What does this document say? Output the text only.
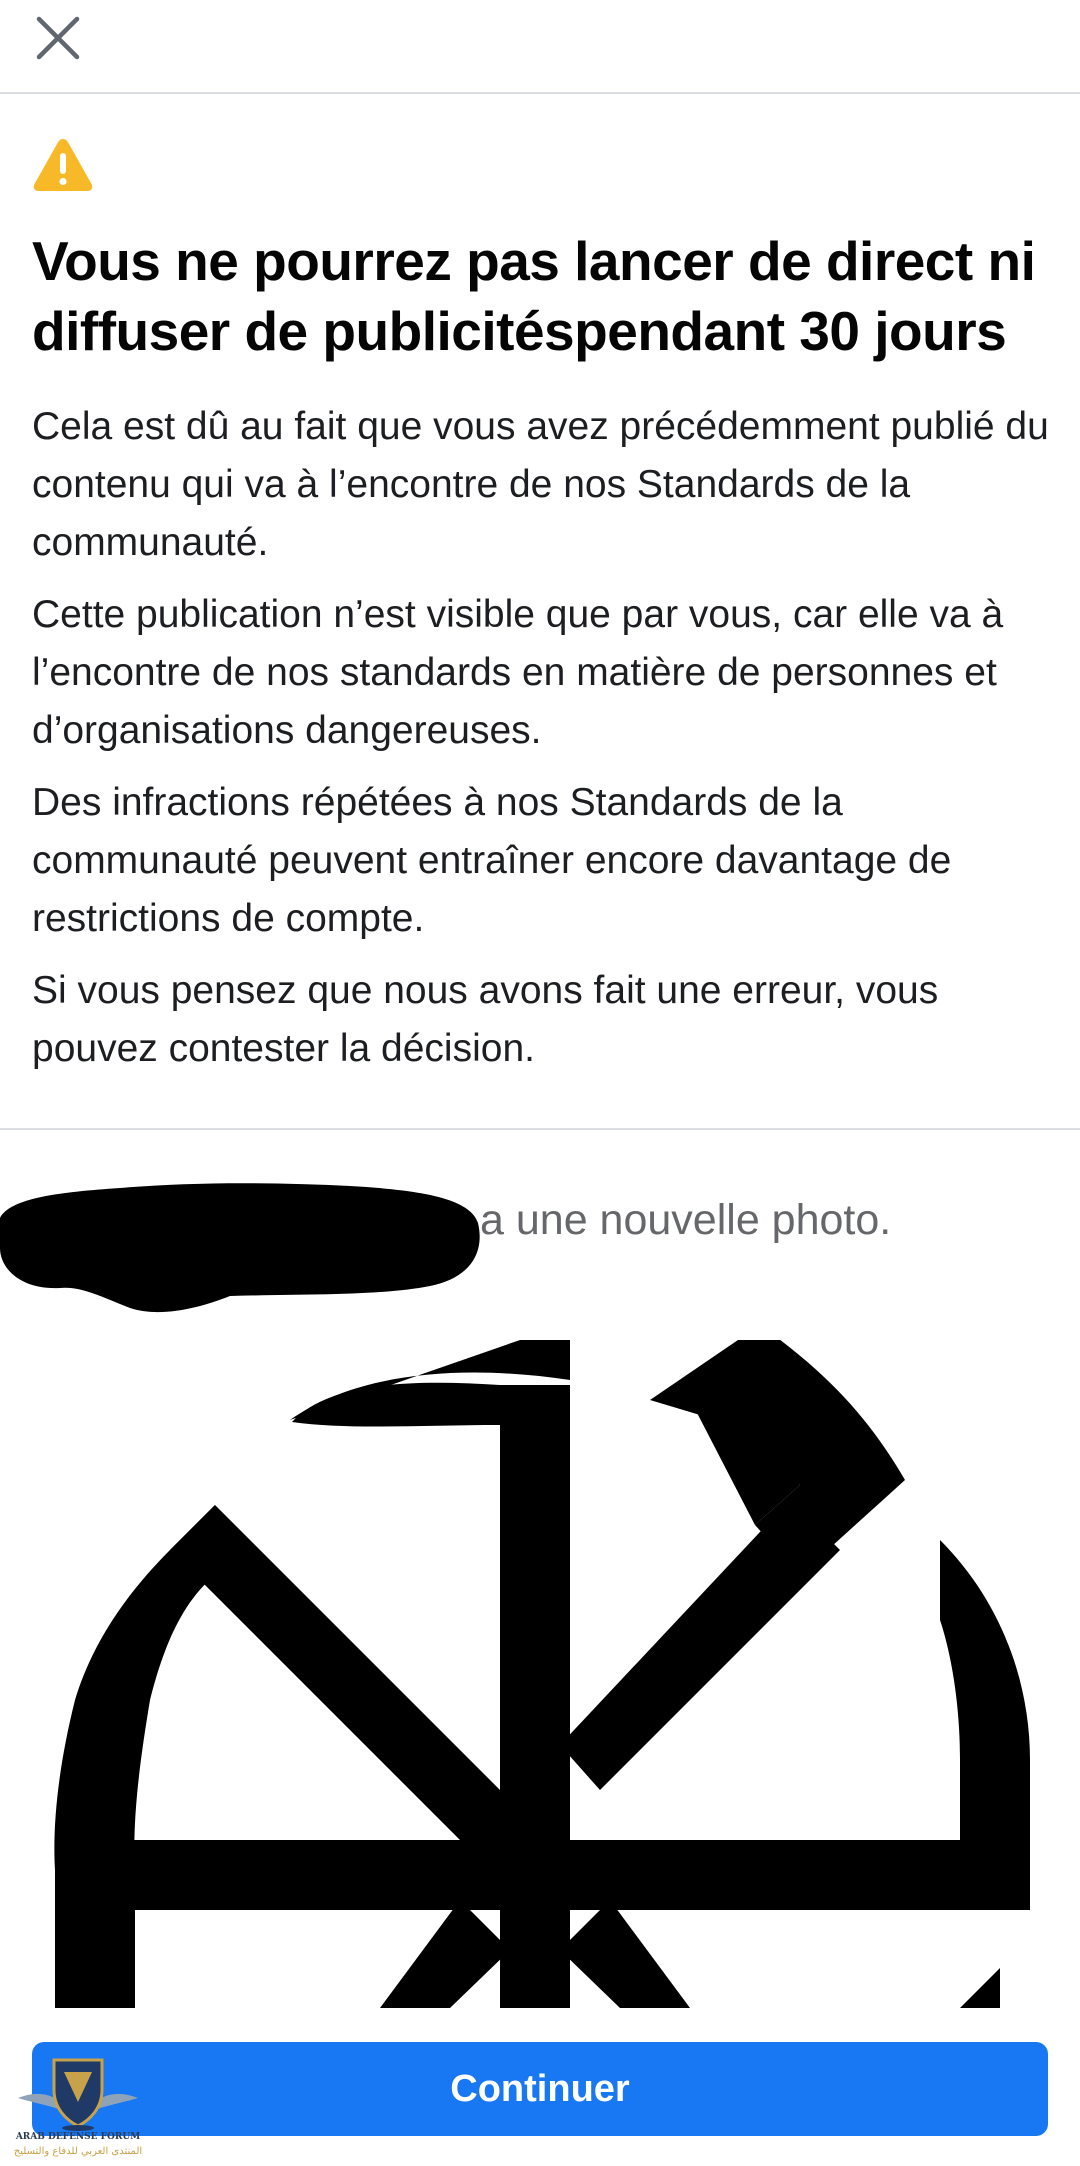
Vous ne pourrez pas lancer de direct ni diffuser de publicitéspendant 30 jours

Cela est dû au fait que vous avez précédemment publié du contenu qui va à l’encontre de nos Standards de la communauté.

Cette publication n’est visible que par vous, car elle va à l’encontre de nos standards en matière de personnes et d’organisations dangereuses.

Des infractions répétées à nos Standards de la communauté peuvent entraîner encore davantage de restrictions de compte.

Si vous pensez que nous avons fait une erreur, vous pouvez contester la décision.

a une nouvelle photo.
Continuer
ARAB DEFENSE FORUM
المنتدى العربي للدفاع والتسليح
